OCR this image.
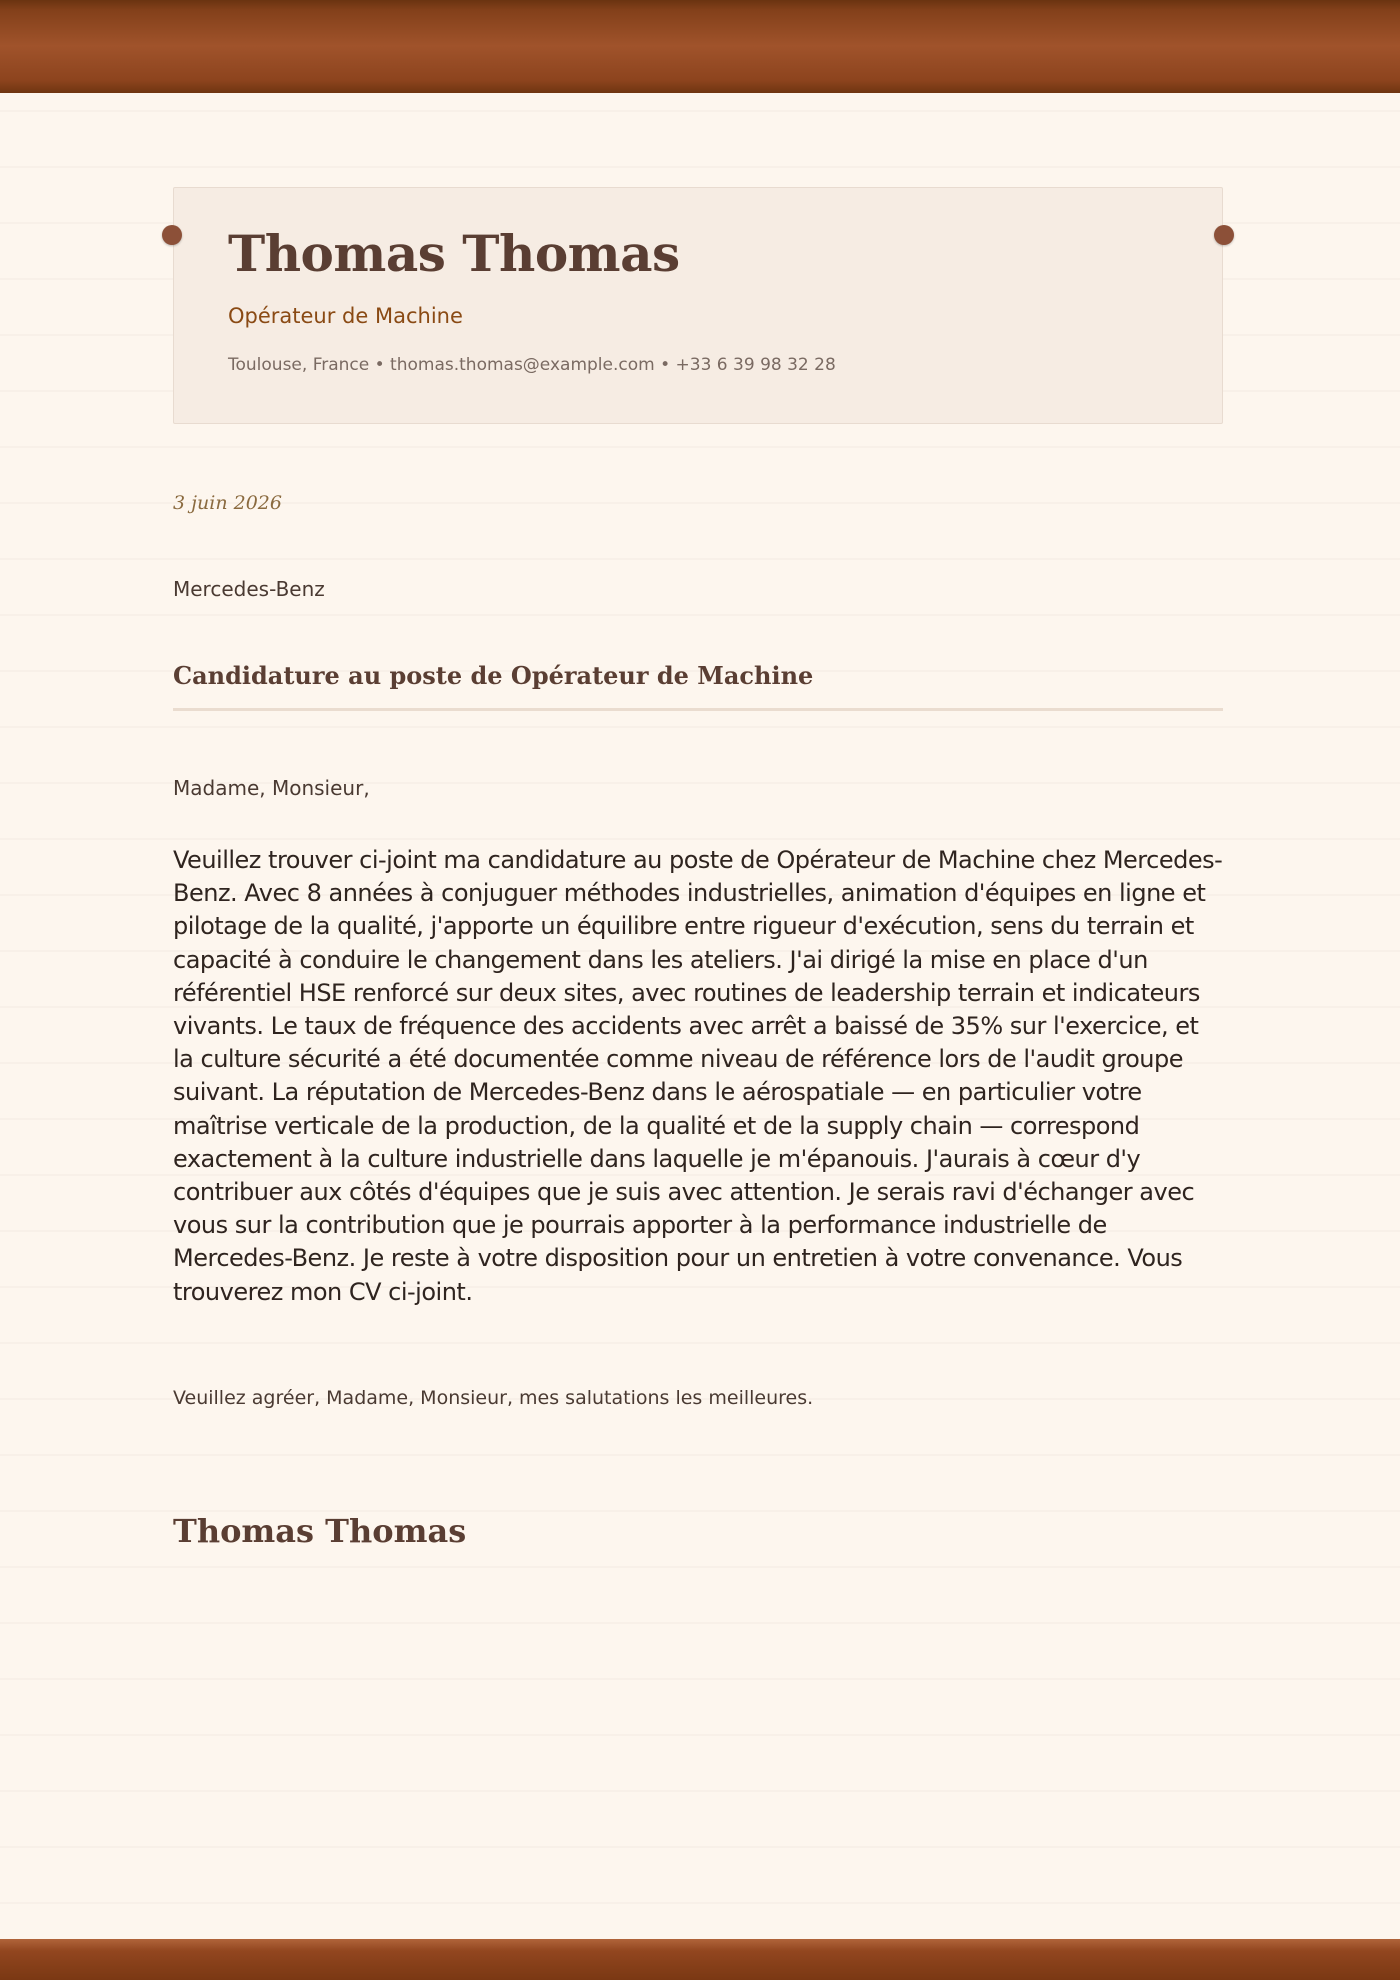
Thomas Thomas
Opérateur de Machine
Toulouse, France • thomas.thomas@example.com • +33 6 39 98 32 28
3 juin 2026
Mercedes-Benz
Candidature au poste de Opérateur de Machine
Madame, Monsieur,

Veuillez trouver ci-joint ma candidature au poste de Opérateur de Machine chez Mercedes-Benz. Avec 8 années à conjuguer méthodes industrielles, animation d'équipes en ligne et pilotage de la qualité, j'apporte un équilibre entre rigueur d'exécution, sens du terrain et capacité à conduire le changement dans les ateliers. J'ai dirigé la mise en place d'un référentiel HSE renforcé sur deux sites, avec routines de leadership terrain et indicateurs vivants. Le taux de fréquence des accidents avec arrêt a baissé de 35% sur l'exercice, et la culture sécurité a été documentée comme niveau de référence lors de l'audit groupe suivant. La réputation de Mercedes-Benz dans le aérospatiale — en particulier votre maîtrise verticale de la production, de la qualité et de la supply chain — correspond exactement à la culture industrielle dans laquelle je m'épanouis. J'aurais à cœur d'y contribuer aux côtés d'équipes que je suis avec attention. Je serais ravi d'échanger avec vous sur la contribution que je pourrais apporter à la performance industrielle de Mercedes-Benz. Je reste à votre disposition pour un entretien à votre convenance. Vous trouverez mon CV ci-joint.

Veuillez agréer, Madame, Monsieur, mes salutations les meilleures.
Thomas Thomas
